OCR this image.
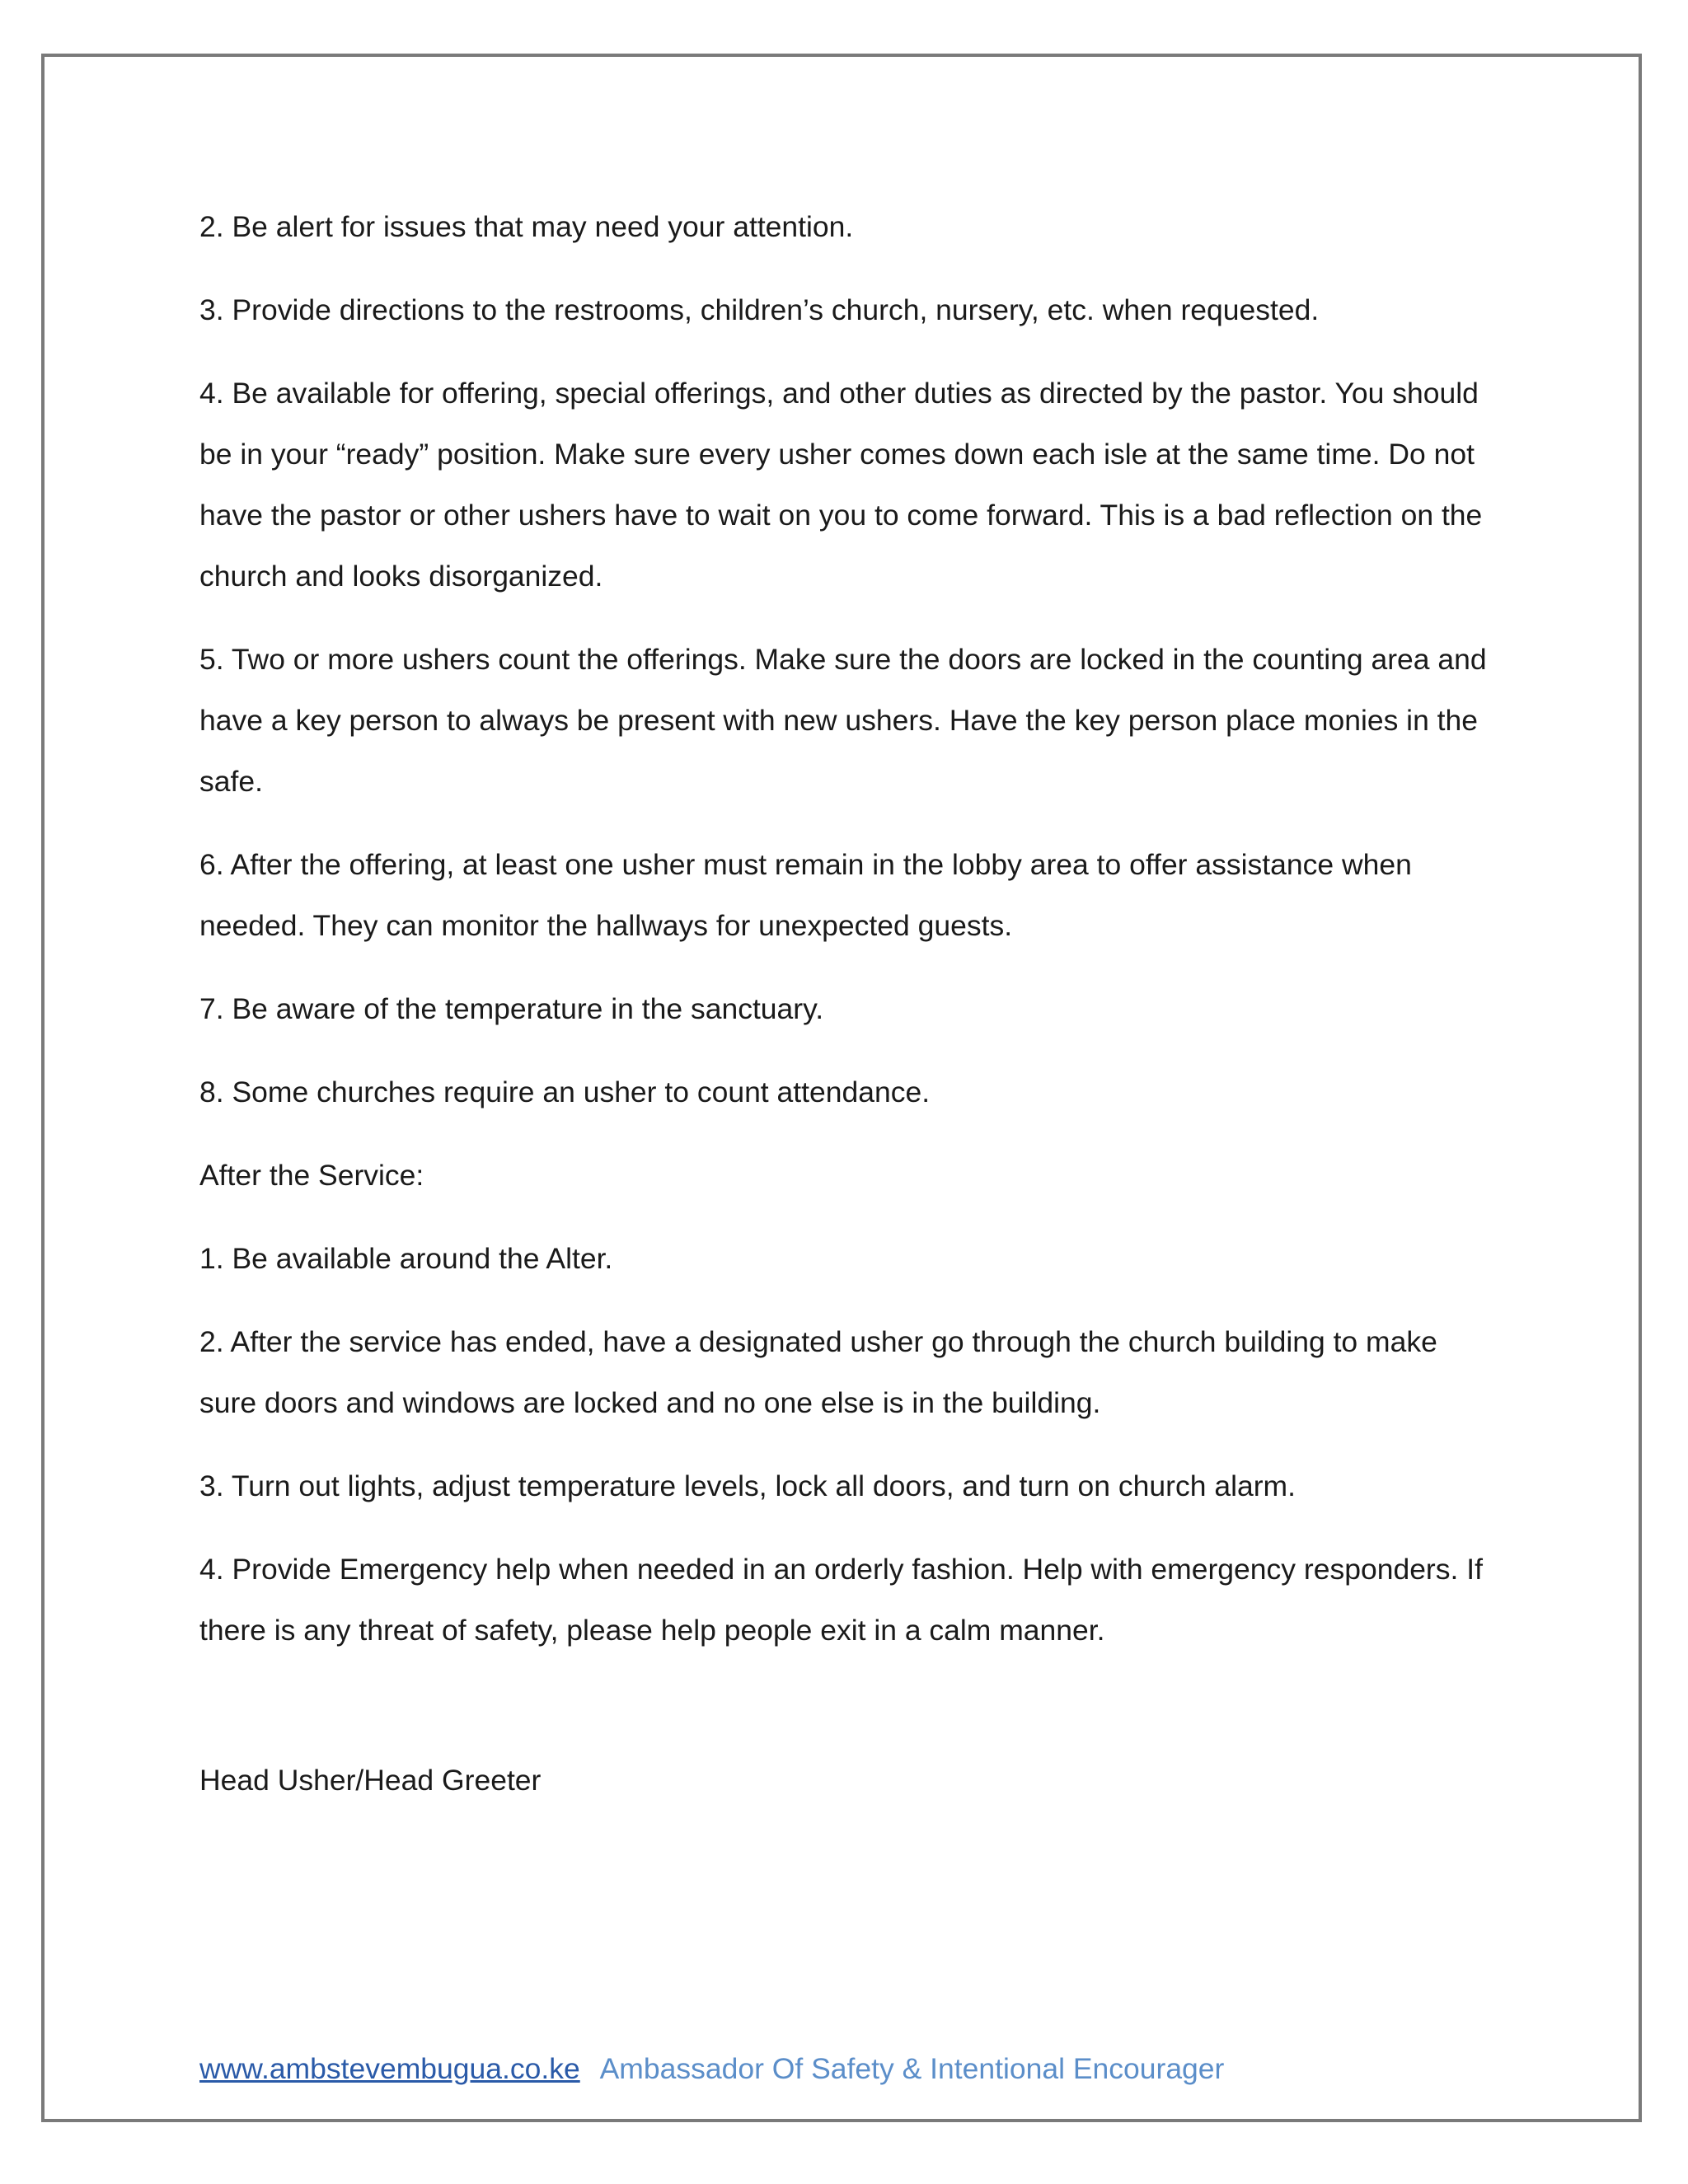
2. Be alert for issues that may need your attention.

3. Provide directions to the restrooms, children’s church, nursery, etc. when requested.

4. Be available for offering, special offerings, and other duties as directed by the pastor. You should be in your “ready” position. Make sure every usher comes down each isle at the same time. Do not have the pastor or other ushers have to wait on you to come forward. This is a bad reflection on the church and looks disorganized.

5. Two or more ushers count the offerings. Make sure the doors are locked in the counting area and have a key person to always be present with new ushers. Have the key person place monies in the safe.

6. After the offering, at least one usher must remain in the lobby area to offer assistance when needed. They can monitor the hallways for unexpected guests.

7. Be aware of the temperature in the sanctuary.

8. Some churches require an usher to count attendance.

After the Service:

1. Be available around the Alter.

2. After the service has ended, have a designated usher go through the church building to make sure doors and windows are locked and no one else is in the building.

3. Turn out lights, adjust temperature levels, lock all doors, and turn on church alarm.

4. Provide Emergency help when needed in an orderly fashion. Help with emergency responders. If there is any threat of safety, please help people exit in a calm manner.

Head Usher/Head Greeter

www.ambstevembugua.co.ke Ambassador Of Safety & Intentional Encourager
